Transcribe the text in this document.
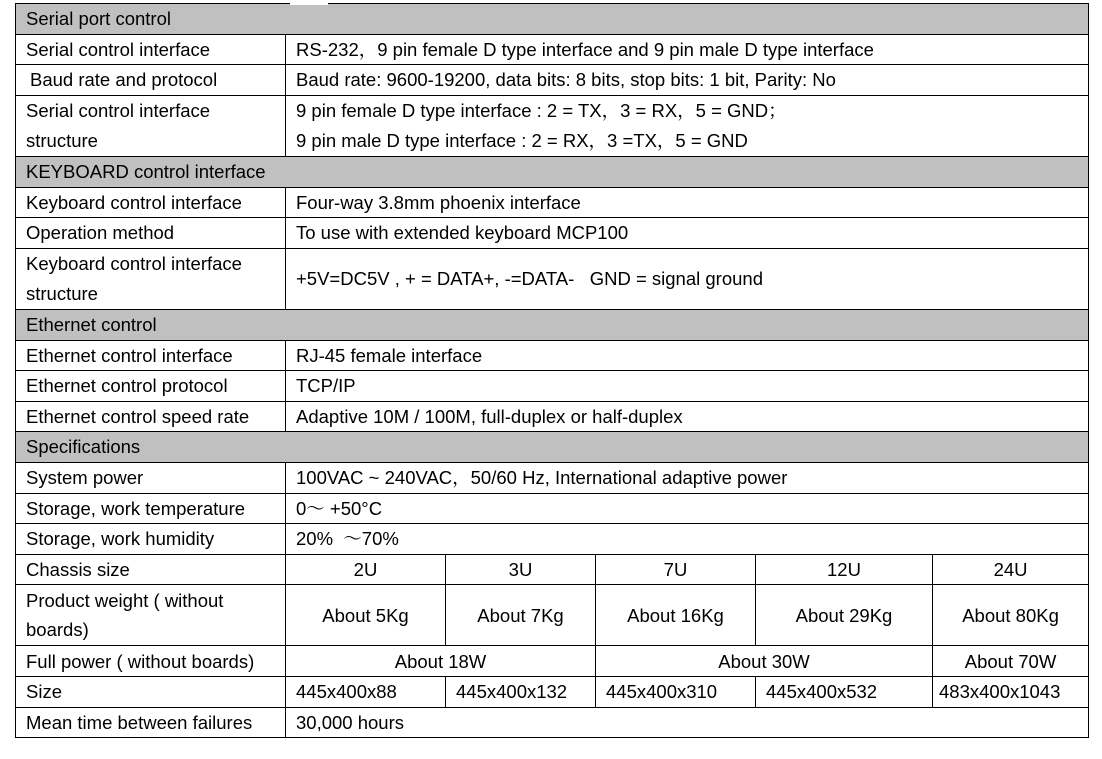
Serial port control					
Serial control interface	RS-232，9 pin female D type interface and 9 pin male D type interface				
Baud rate and protocol	Baud rate: 9600-19200, data bits: 8 bits, stop bits: 1 bit, Parity: No				

Serial control interface
structure	9 pin female D type interface : 2 = TX，3 = RX，5 = GND；
9 pin male D type interface : 2 = RX，3 =TX，5 = GND				

KEYBOARD control interface					
Keyboard control interface	Four-way 3.8mm phoenix interface				
Operation method	To use with extended keyboard MCP100				

Keyboard control interface
structure	+5V=DC5V , + = DATA+, -=DATA-   GND = signal ground				
Ethernet control					
Ethernet control interface	RJ-45 female interface				
Ethernet control protocol	TCP/IP				
Ethernet control speed rate	Adaptive 10M / 100M, full-duplex or half-duplex				
Specifications					
System power	100VAC ~ 240VAC，50/60 Hz, International adaptive power				
Storage, work temperature	0～ +50°C				
Storage, work humidity	20%  ～70%				
Chassis size	2U	3U	7U	12U	24U

Product weight ( without
boards)	About 5Kg	About 7Kg	About 16Kg	About 29Kg	About 80Kg
Full power ( without boards)	About 18W		About 30W		About 70W
Size	445x400x88	445x400x132	445x400x310	445x400x532	483x400x1043
Mean time between failures	30,000 hours				
